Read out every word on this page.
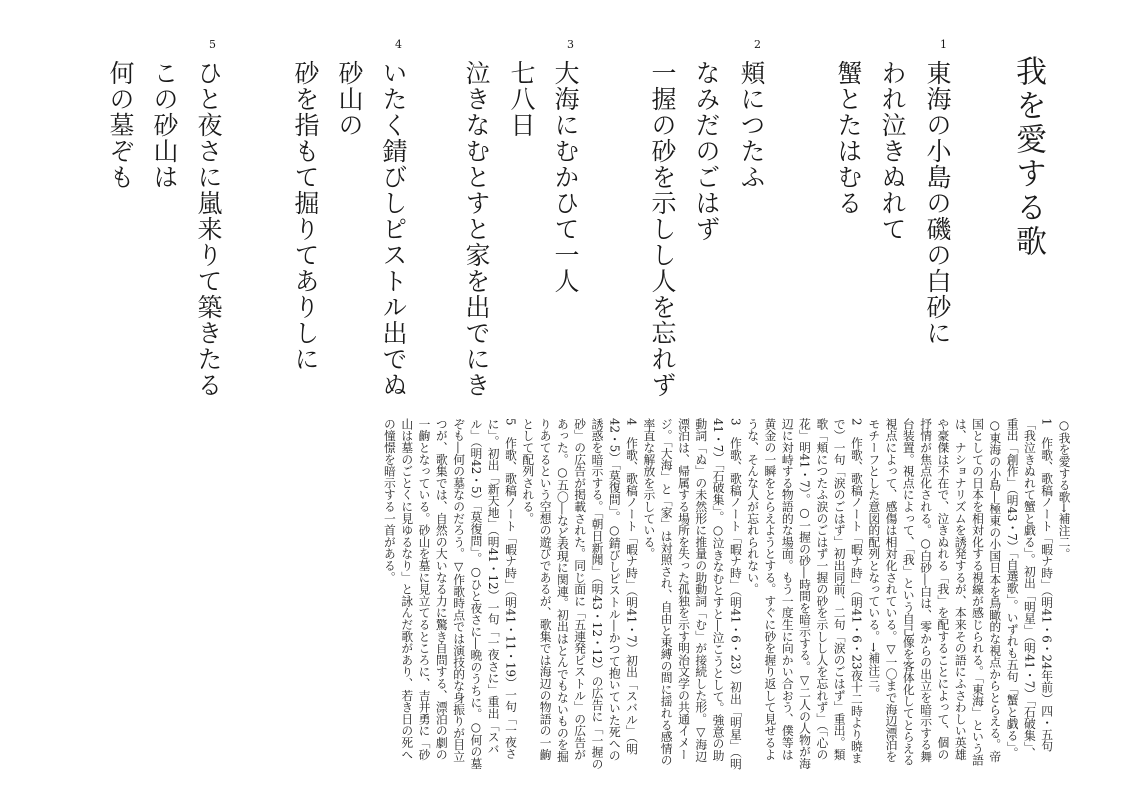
我を愛する歌
1
東海の小島の磯の白砂に
われ泣きぬれて
蟹とたはむる
2
頬につたふ
なみだのごはず
一握の砂を示しし人を忘れず
3
大海にむかひて一人
七八日
泣きなむとすと家を出でにき
4
いたく錆びしピストル出でぬ
砂山の
砂を指もて掘りてありしに
5
ひと夜さに嵐来りて築きたる
この砂山は
何の墓ぞも

○我を愛する歌→補注二。

1　作歌、歌稿ノート「暇ナ時」（明41・6・24年前）四・五句「我泣きぬれて蟹と戯る」。初出「明星」（明41・7）「石破集」、重出「創作」（明43・7）「自選歌」。いずれも五句「蟹と戯る」。○東海の小島―極東の小国日本を鳥瞰的な視点からとらえる。帝国としての日本を相対化する視線が感じられる。「東海」という語は、ナショナリズムを誘発するが、本来その語にふさわしい英雄や豪傑は不在で、泣きぬれる「我」を配することによって、個の抒情が焦点化される。○白砂―白は、零からの出立を暗示する舞台装置。視点によって、「我」という自己像を客体化してとらえる視点によって、感傷は相対化されている。▽一〇まで海辺漂泊をモチーフとした意図的配列となっている。→補注三。

2　作歌、歌稿ノート「暇ナ時」（明41・6・23夜十二時より暁まで）一句「涙のごはず」初出同前、二句「涙のごはず」重出。類歌「頬につたふ涙のごはず一握の砂を示しし人を忘れず」（「心の花」明41・7）。○一握の砂―時間を暗示する。▽二人の人物が海辺に対峙する物語的な場面。もう一度生に向かい合おう、僕等は黄金の一瞬をとらえようとする。すぐに砂を握り返して見せるような、そんな人が忘れられない。

3　作歌、歌稿ノート「暇ナ時」（明41・6・23）初出「明星」（明41・7）「石破集」。○泣きなむとすと―泣こうとして。強意の助動詞「ぬ」の未然形に推量の助動詞「む」が接続した形。▽海辺漂泊は、帰属する場所を失った孤独を示す明治文学の共通イメージ。「大海」と「家」は対照され、自由と束縛の間に揺れる感情の率直な解放を示している。

4　作歌、歌稿ノート「暇ナ時」（明41・7）初出「スバル」（明42・5）「莫復問」。○錆びしピストル―かつて抱いていた死への誘惑を暗示する。「朝日新聞」（明43・12・12）の広告に「一握の砂」の広告が掲載された。同じ面に「五連発ピストル」の広告があった。○五〇―など表現に関連。初出はとんでもないものを掘りあてるという空想の遊びであるが、歌集では海辺の物語の一齣として配列される。

5　作歌、歌稿ノート「暇ナ時」（明41・11・19）一句「一夜さに」。初出「新天地」（明41・12）一句「一夜さに」重出「スバル」（明42・5）「莫復問」。○ひと夜さに―晩のうちに。○何の墓ぞも―何の墓なのだろう。▽作歌時点では演技的な身振りが目立つが、歌集では、自然の大いなる力に驚き自問する、漂泊の劇の一齣となっている。砂山を墓に見立てるところに、吉井勇に「砂山は墓のごとくに見ゆるなり」と詠んだ歌があり、若き日の死への憧憬を暗示する一首がある。
